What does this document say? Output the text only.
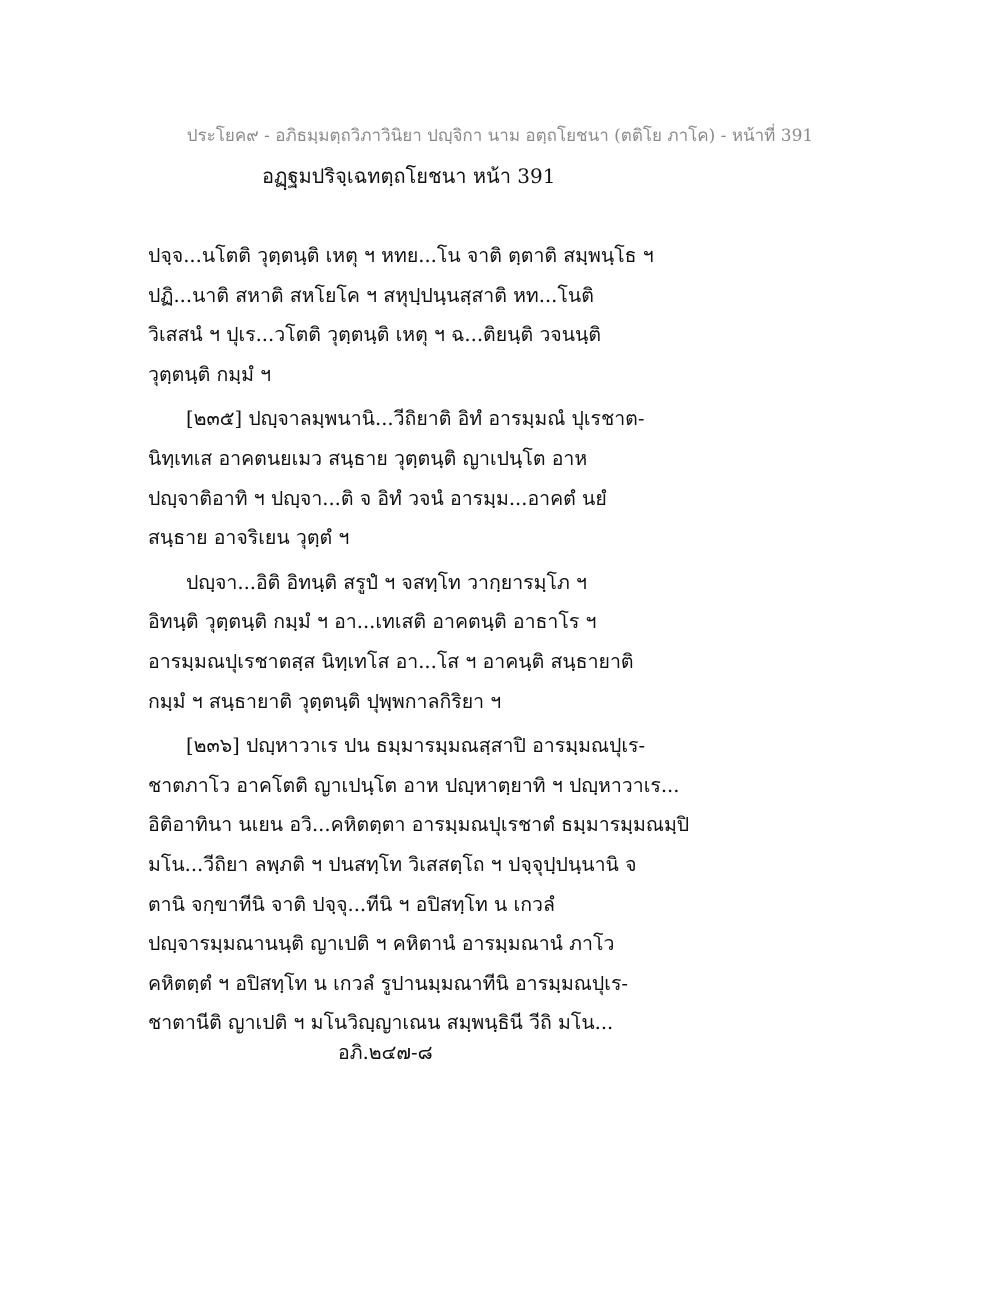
ประโยค๙ - อภิธมฺมตฺถวิภาวินิยา ปญฺจิกา นาม อตฺถโยชนา (ตติโย ภาโค) - หน้าที่ 391
อฏฺฐมปริจฺเฉทตฺถโยชนา หน้า 391

ปจฺจ...นโตติ วุตฺตนฺติ เหตุ ฯ หทย...โน จาติ ตฺตาติ สมฺพนฺโธ ฯ
ปฏิ...นาติ สหาติ สหโยโค ฯ สหุปฺปนฺนสฺสาติ หท...โนติ
วิเสสนํ ฯ ปุเร...วโตติ วุตฺตนฺติ เหตุ ฯ ฉ...ติยนฺติ วจนนฺติ
วุตฺตนฺติ กมฺมํ ฯ

[๒๓๕] ปญฺจาลมฺพนานิ...วีถิยาติ อิทํ อารมฺมณํ ปุเรชาต-
นิทฺเทเส อาคตนยเมว สนฺธาย วุตฺตนฺติ ญาเปนฺโต อาห
ปญฺจาติอาทิ ฯ ปญฺจา...ติ จ อิทํ วจนํ อารมฺม...อาคตํ นยํ
สนฺธาย อาจริเยน วุตฺตํ ฯ

ปญฺจา...อิติ อิทนฺติ สรูปํ ฯ จสทฺโท วากฺยารมฺโภ ฯ
อิทนฺติ วุตฺตนฺติ กมฺมํ ฯ อา...เทเสติ อาคตนฺติ อาธาโร ฯ
อารมฺมณปุเรชาตสฺส นิทฺเทโส อา...โส ฯ อาคนฺติ สนฺธายาติ
กมฺมํ ฯ สนฺธายาติ วุตฺตนฺติ ปุพฺพกาลกิริยา ฯ

[๒๓๖] ปญฺหาวาเร ปน ธมฺมารมฺมณสฺสาปิ อารมฺมณปุเร-
ชาตภาโว อาคโตติ ญาเปนฺโต อาห ปญฺหาตฺยาทิ ฯ ปญฺหาวาเร...
อิติอาทินา นเยน อวิ...คหิตตฺตา อารมฺมณปุเรชาตํ ธมฺมารมฺมณมฺปิ
มโน...วีถิยา ลพฺภติ ฯ ปนสทฺโท วิเสสตฺโถ ฯ ปจฺจุปฺปนฺนานิ จ
ตานิ จกฺขาทีนิ จาติ ปจฺจุ...ทีนิ ฯ อปิสทฺโท น เกวลํ
ปญฺจารมฺมณานนฺติ ญาเปติ ฯ คหิตานํ อารมฺมณานํ ภาโว
คหิตตฺตํ ฯ อปิสทฺโท น เกวลํ รูปานมฺมณาทีนิ อารมฺมณปุเร-
ชาตานีติ ญาเปติ ฯ มโนวิญฺญาเณน สมฺพนฺธินี วีถิ มโน...

อภิ.๒๔๗-๘
